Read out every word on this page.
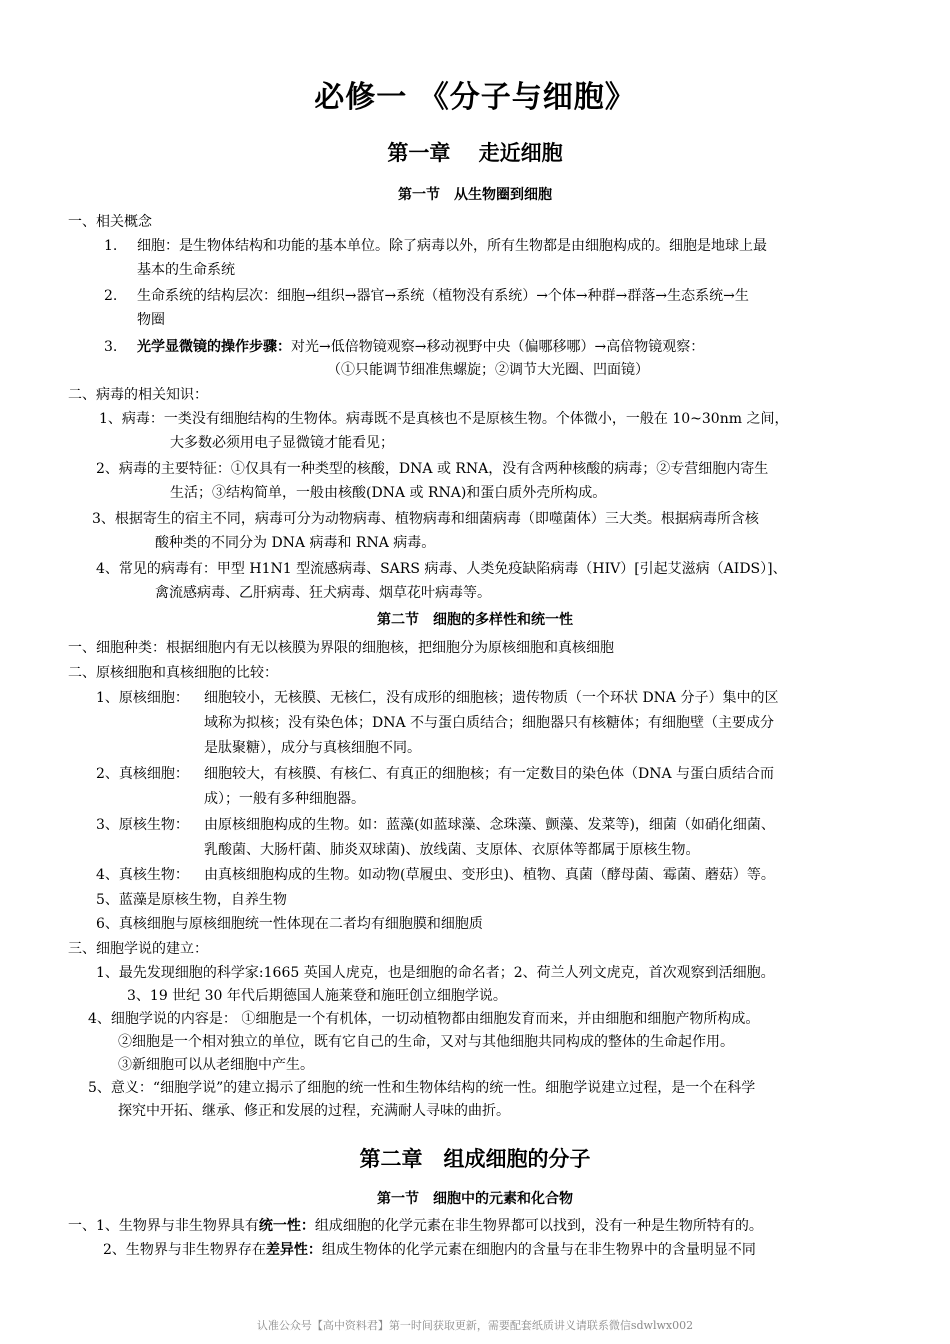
必修一 《分子与细胞》
第一章　 走近细胞
第一节　从生物圈到细胞
一、相关概念
1. 细胞：是生物体结构和功能的基本单位。除了病毒以外，所有生物都是由细胞构成的。细胞是地球上最
基本的生命系统
2. 生命系统的结构层次：细胞→组织→器官→系统（植物没有系统）→个体→种群→群落→生态系统→生
物圈
3. 光学显微镜的操作步骤：对光→低倍物镜观察→移动视野中央（偏哪移哪）→高倍物镜观察：
（①只能调节细准焦螺旋；②调节大光圈、凹面镜）
二、病毒的相关知识：
1、病毒：一类没有细胞结构的生物体。病毒既不是真核也不是原核生物。个体微小，一般在 10~30nm 之间，
大多数必须用电子显微镜才能看见；
2、病毒的主要特征：①仅具有一种类型的核酸，DNA 或 RNA，没有含两种核酸的病毒；②专营细胞内寄生
生活；③结构简单，一般由核酸(DNA 或 RNA)和蛋白质外壳所构成。
3、根据寄生的宿主不同，病毒可分为动物病毒、植物病毒和细菌病毒（即噬菌体）三大类。根据病毒所含核
酸种类的不同分为 DNA 病毒和 RNA 病毒。
4、常见的病毒有：甲型 H1N1 型流感病毒、SARS 病毒、人类免疫缺陷病毒（HIV）[引起艾滋病（AIDS）]、
禽流感病毒、乙肝病毒、狂犬病毒、烟草花叶病毒等。
第二节　细胞的多样性和统一性
一、细胞种类：根据细胞内有无以核膜为界限的细胞核，把细胞分为原核细胞和真核细胞
二、原核细胞和真核细胞的比较：
1、原核细胞： 细胞较小，无核膜、无核仁，没有成形的细胞核；遗传物质（一个环状 DNA 分子）集中的区
域称为拟核；没有染色体；DNA 不与蛋白质结合；细胞器只有核糖体；有细胞壁（主要成分
是肽聚糖），成分与真核细胞不同。
2、真核细胞： 细胞较大，有核膜、有核仁、有真正的细胞核；有一定数目的染色体（DNA 与蛋白质结合而
成）；一般有多种细胞器。
3、原核生物： 由原核细胞构成的生物。如：蓝藻(如蓝球藻、念珠藻、颤藻、发菜等)，细菌（如硝化细菌、
乳酸菌、大肠杆菌、肺炎双球菌)、放线菌、支原体、衣原体等都属于原核生物。
4、真核生物： 由真核细胞构成的生物。如动物(草履虫、变形虫)、植物、真菌（酵母菌、霉菌、蘑菇）等。
5、蓝藻是原核生物，自养生物
6、真核细胞与原核细胞统一性体现在二者均有细胞膜和细胞质
三、细胞学说的建立：
1、最先发现细胞的科学家:1665 英国人虎克，也是细胞的命名者；2、荷兰人列文虎克，首次观察到活细胞。
3、19 世纪 30 年代后期德国人施莱登和施旺创立细胞学说。
4、细胞学说的内容是： ①细胞是一个有机体，一切动植物都由细胞发育而来，并由细胞和细胞产物所构成。
②细胞是一个相对独立的单位，既有它自己的生命，又对与其他细胞共同构成的整体的生命起作用。
③新细胞可以从老细胞中产生。
5、意义：“细胞学说”的建立揭示了细胞的统一性和生物体结构的统一性。细胞学说建立过程，是一个在科学
探究中开拓、继承、修正和发展的过程，充满耐人寻味的曲折。
第二章　组成细胞的分子
第一节　细胞中的元素和化合物
一、1、生物界与非生物界具有统一性：组成细胞的化学元素在非生物界都可以找到，没有一种是生物所特有的。
2、生物界与非生物界存在差异性：组成生物体的化学元素在细胞内的含量与在非生物界中的含量明显不同
认准公众号【高中资料君】第一时间获取更新，需要配套纸质讲义请联系微信sdwlwx002
